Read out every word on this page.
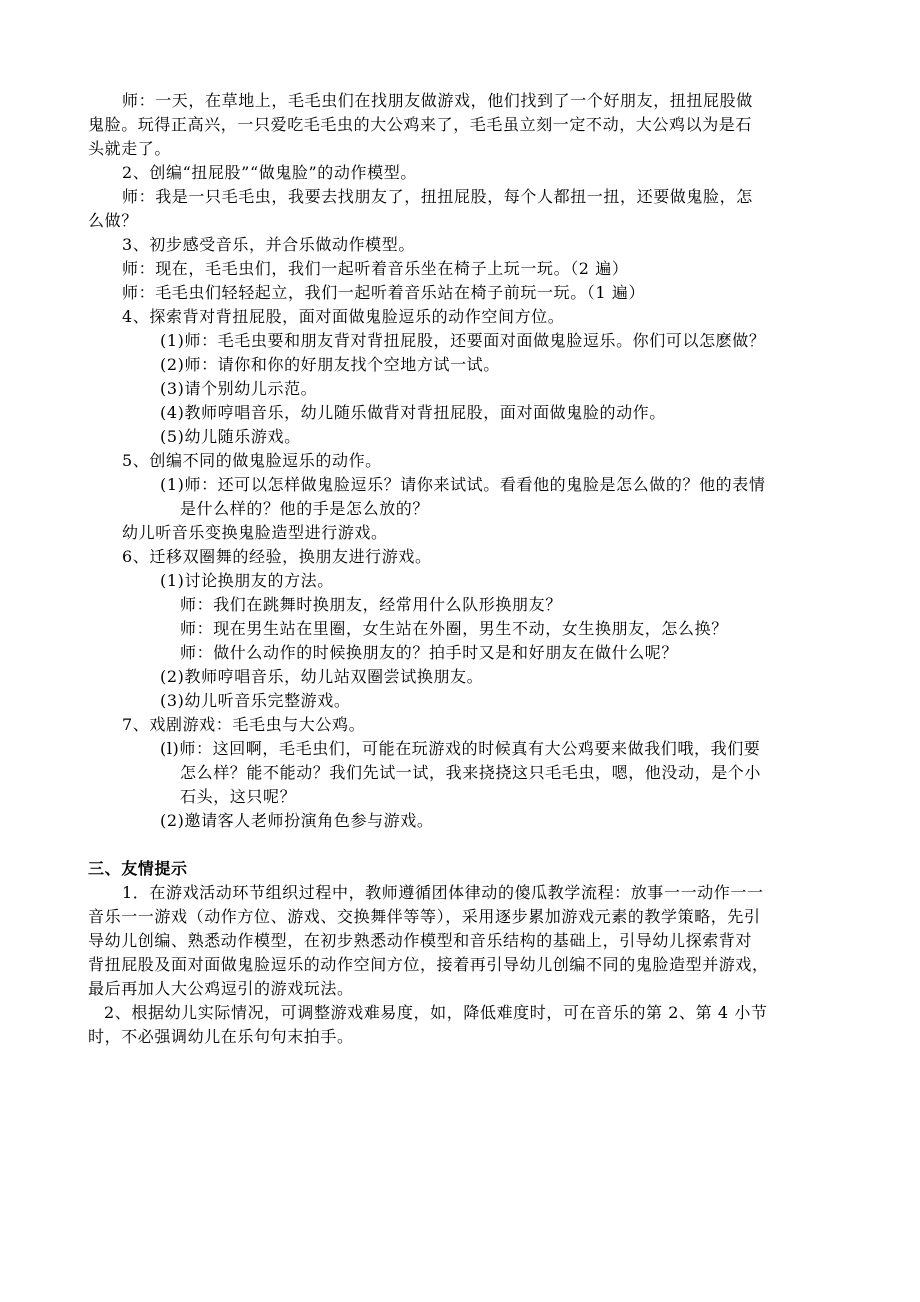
师：一天，在草地上，毛毛虫们在找朋友做游戏，他们找到了一个好朋友，扭扭屁股做
鬼脸。玩得正高兴，一只爱吃毛毛虫的大公鸡来了，毛毛虽立刻一定不动，大公鸡以为是石
头就走了。
2、创编“扭屁股”“做鬼脸”的动作模型。
师：我是一只毛毛虫，我要去找朋友了，扭扭屁股，每个人都扭一扭，还要做鬼脸，怎
么做？
3、初步感受音乐，并合乐做动作模型。
师：现在，毛毛虫们，我们一起听着音乐坐在椅子上玩一玩。（2 遍）
师：毛毛虫们轻轻起立，我们一起听着音乐站在椅子前玩一玩。（1 遍）
4、探索背对背扭屁股，面对面做鬼脸逗乐的动作空间方位。
(1)师：毛毛虫要和朋友背对背扭屁股，还要面对面做鬼脸逗乐。你们可以怎麽做？
(2)师：请你和你的好朋友找个空地方试一试。
(3)请个别幼儿示范。
(4)教师哼唱音乐，幼儿随乐做背对背扭屁股，面对面做鬼脸的动作。
(5)幼儿随乐游戏。
5、创编不同的做鬼脸逗乐的动作。
(1)师：还可以怎样做鬼脸逗乐？请你来试试。看看他的鬼脸是怎么做的？他的表情
是什么样的？他的手是怎么放的？
幼儿听音乐变换鬼脸造型进行游戏。
6、迁移双圈舞的经验，换朋友进行游戏。
(1)讨论换朋友的方法。
师：我们在跳舞时换朋友，经常用什么队形换朋友？
师：现在男生站在里圈，女生站在外圈，男生不动，女生换朋友，怎么换？
师：做什么动作的时候换朋友的？拍手时又是和好朋友在做什么呢？
(2)教师哼唱音乐，幼儿站双圈尝试换朋友。
(3)幼儿听音乐完整游戏。
7、戏剧游戏：毛毛虫与大公鸡。
(l)师：这回啊，毛毛虫们，可能在玩游戏的时候真有大公鸡要来做我们哦，我们要
怎么样？能不能动？我们先试一试，我来挠挠这只毛毛虫，嗯，他没动，是个小
石头，这只呢？
(2)邀请客人老师扮演角色参与游戏。
三、友情提示
1．在游戏活动环节组织过程中，教师遵循团体律动的傻瓜教学流程：放事一一动作一一
音乐一一游戏（动作方位、游戏、交换舞伴等等），采用逐步累加游戏元素的教学策略，先引
导幼儿创编、熟悉动作模型，在初步熟悉动作模型和音乐结构的基础上，引导幼儿探索背对
背扭屁股及面对面做鬼脸逗乐的动作空间方位，接着再引导幼儿创编不同的鬼脸造型并游戏，
最后再加人大公鸡逗引的游戏玩法。
2、根据幼儿实际情况，可调整游戏难易度，如，降低难度时，可在音乐的第 2、第 4 小节
时，不必强调幼儿在乐句句末拍手。
